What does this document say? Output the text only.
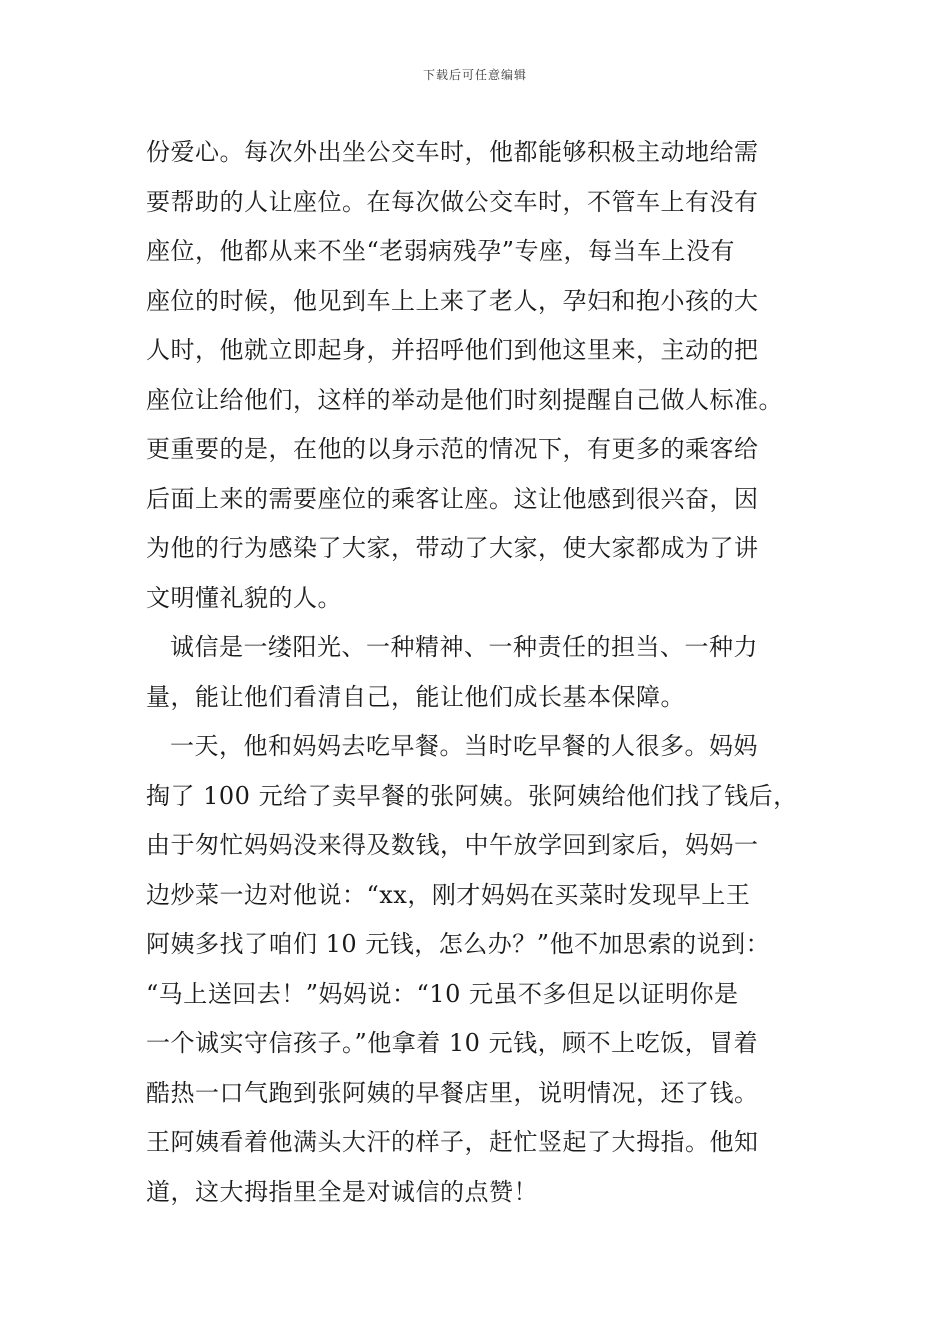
下载后可任意编辑
份爱心。每次外出坐公交车时，他都能够积极主动地给需
要帮助的人让座位。在每次做公交车时，不管车上有没有
座位，他都从来不坐“老弱病残孕”专座，每当车上没有
座位的时候，他见到车上上来了老人，孕妇和抱小孩的大
人时，他就立即起身，并招呼他们到他这里来，主动的把
座位让给他们，这样的举动是他们时刻提醒自己做人标准。
更重要的是，在他的以身示范的情况下，有更多的乘客给
后面上来的需要座位的乘客让座。这让他感到很兴奋，因
为他的行为感染了大家，带动了大家，使大家都成为了讲
文明懂礼貌的人。
诚信是一缕阳光、一种精神、一种责任的担当、一种力
量，能让他们看清自己，能让他们成长基本保障。
一天，他和妈妈去吃早餐。当时吃早餐的人很多。妈妈
掏了 100 元给了卖早餐的张阿姨。张阿姨给他们找了钱后，
由于匆忙妈妈没来得及数钱，中午放学回到家后，妈妈一
边炒菜一边对他说：“xx，刚才妈妈在买菜时发现早上王
阿姨多找了咱们 10 元钱，怎么办？”他不加思索的说到：
“马上送回去！”妈妈说：“10 元虽不多但足以证明你是
一个诚实守信孩子。”他拿着 10 元钱，顾不上吃饭，冒着
酷热一口气跑到张阿姨的早餐店里，说明情况，还了钱。
王阿姨看着他满头大汗的样子，赶忙竖起了大拇指。他知
道，这大拇指里全是对诚信的点赞！
